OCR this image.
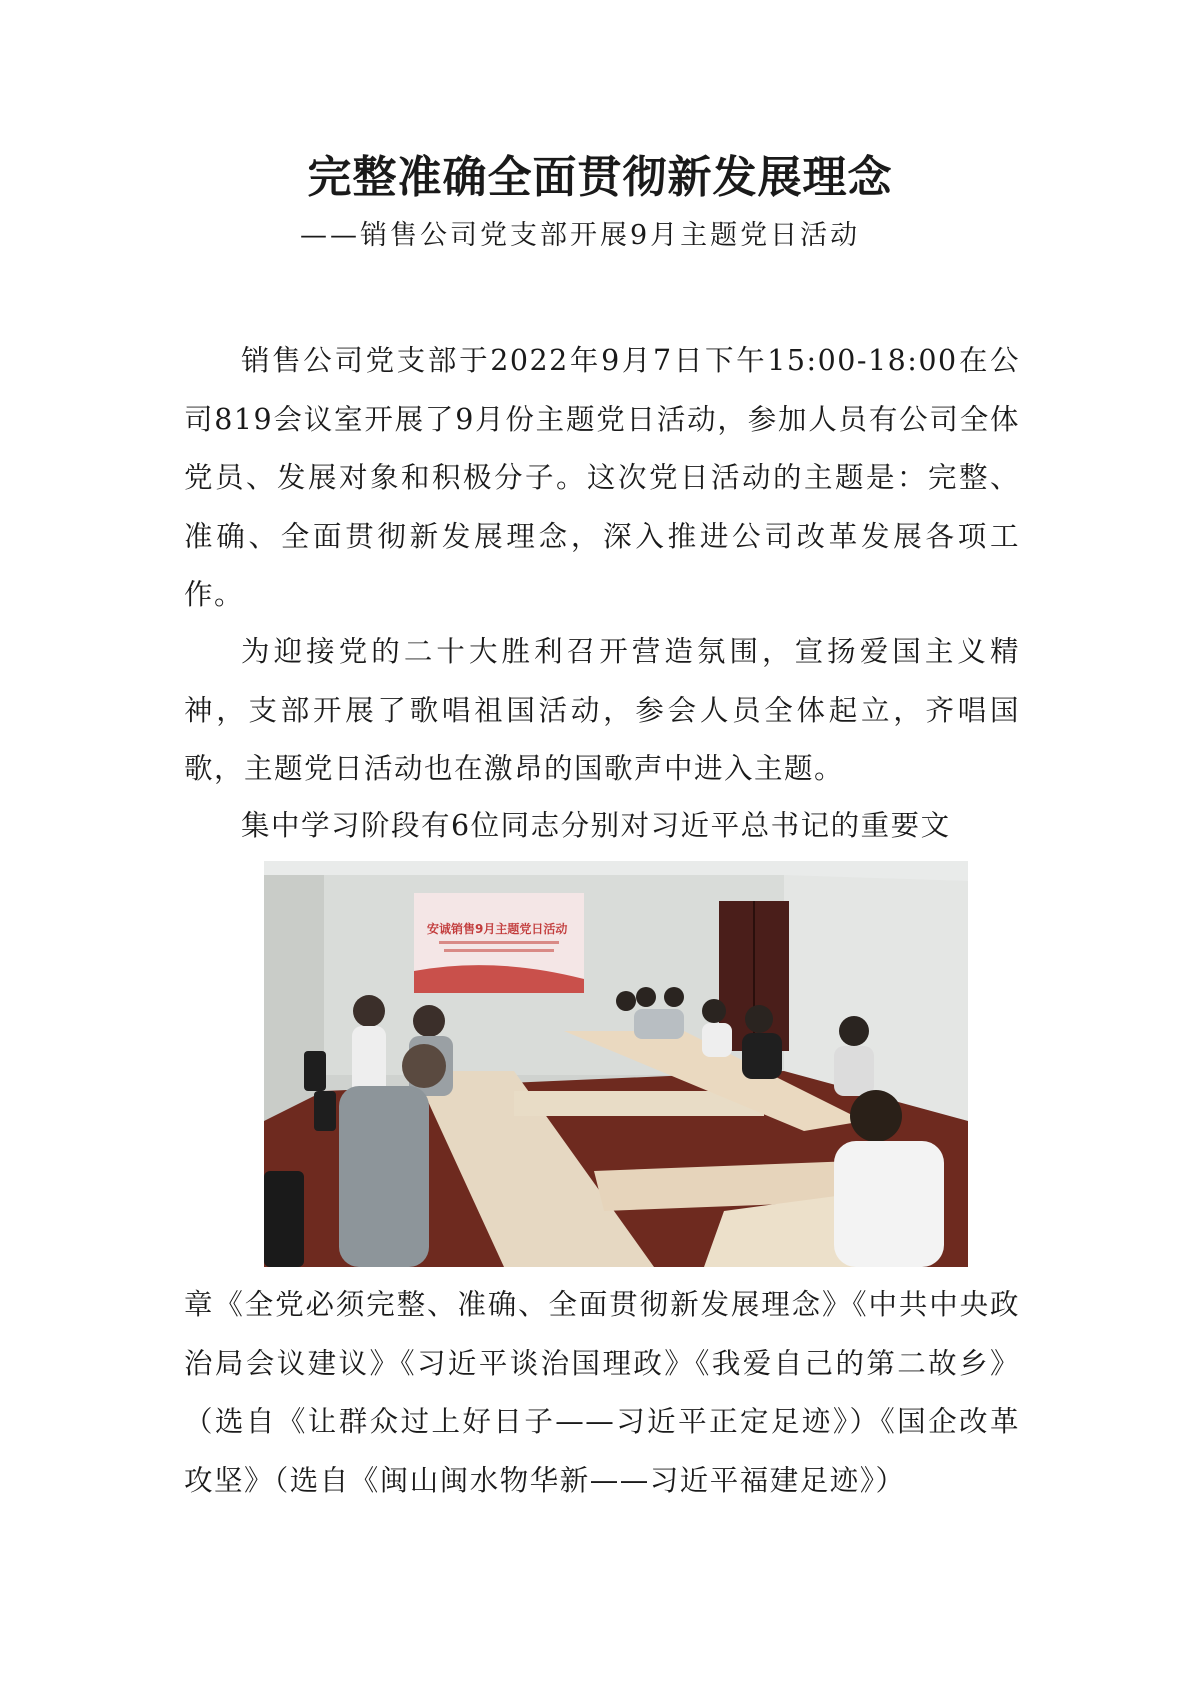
完整准确全面贯彻新发展理念
——销售公司党支部开展9月主题党日活动
销售公司党支部于2022年9月7日下午15:00-18:00在公司819会议室开展了9月份主题党日活动，参加人员有公司全体党员、发展对象和积极分子。这次党日活动的主题是：完整、准确、全面贯彻新发展理念，深入推进公司改革发展各项工作。
为迎接党的二十大胜利召开营造氛围，宣扬爱国主义精神，支部开展了歌唱祖国活动，参会人员全体起立，齐唱国歌，主题党日活动也在激昂的国歌声中进入主题。
集中学习阶段有6位同志分别对习近平总书记的重要文
安诚销售9月主题党日活动
章《全党必须完整、准确、全面贯彻新发展理念》《中共中央政治局会议建议》《习近平谈治国理政》《我爱自己的第二故乡》（选自《让群众过上好日子——习近平正定足迹》）《国企改革攻坚》（选自《闽山闽水物华新——习近平福建足迹》）
